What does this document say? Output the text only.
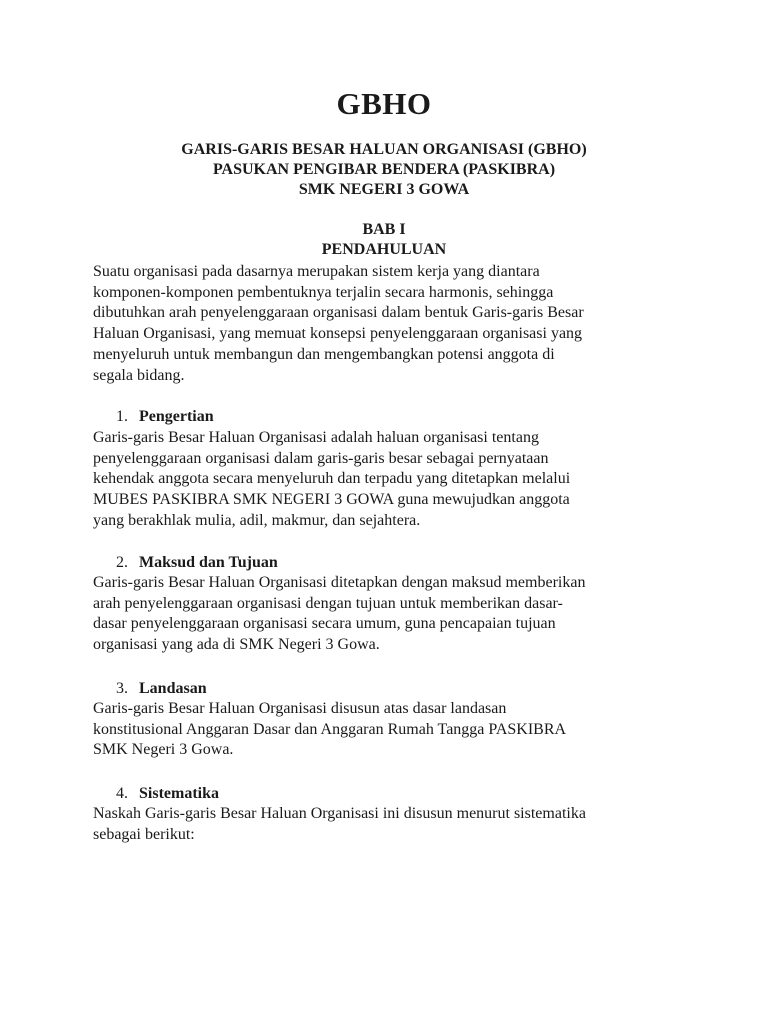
GBHO
GARIS-GARIS BESAR HALUAN ORGANISASI (GBHO)
PASUKAN PENGIBAR BENDERA (PASKIBRA)
SMK NEGERI 3 GOWA
BAB I
PENDAHULUAN

Suatu organisasi pada dasarnya merupakan sistem kerja yang diantara
komponen-komponen pembentuknya terjalin secara harmonis, sehingga
dibutuhkan arah penyelenggaraan organisasi dalam bentuk Garis-garis Besar
Haluan Organisasi, yang memuat konsepsi penyelenggaraan organisasi yang
menyeluruh untuk membangun dan mengembangkan potensi anggota di
segala bidang.

1. Pengertian

Garis-garis Besar Haluan Organisasi adalah haluan organisasi tentang
penyelenggaraan organisasi dalam garis-garis besar sebagai pernyataan
kehendak anggota secara menyeluruh dan terpadu yang ditetapkan melalui
MUBES PASKIBRA SMK NEGERI 3 GOWA guna mewujudkan anggota
yang berakhlak mulia, adil, makmur, dan sejahtera.

2. Maksud dan Tujuan

Garis-garis Besar Haluan Organisasi ditetapkan dengan maksud memberikan
arah penyelenggaraan organisasi dengan tujuan untuk memberikan dasar-
dasar penyelenggaraan organisasi secara umum, guna pencapaian tujuan
organisasi yang ada di SMK Negeri 3 Gowa.

3. Landasan

Garis-garis Besar Haluan Organisasi disusun atas dasar landasan
konstitusional Anggaran Dasar dan Anggaran Rumah Tangga PASKIBRA
SMK Negeri 3 Gowa.

4. Sistematika

Naskah Garis-garis Besar Haluan Organisasi ini disusun menurut sistematika
sebagai berikut:
